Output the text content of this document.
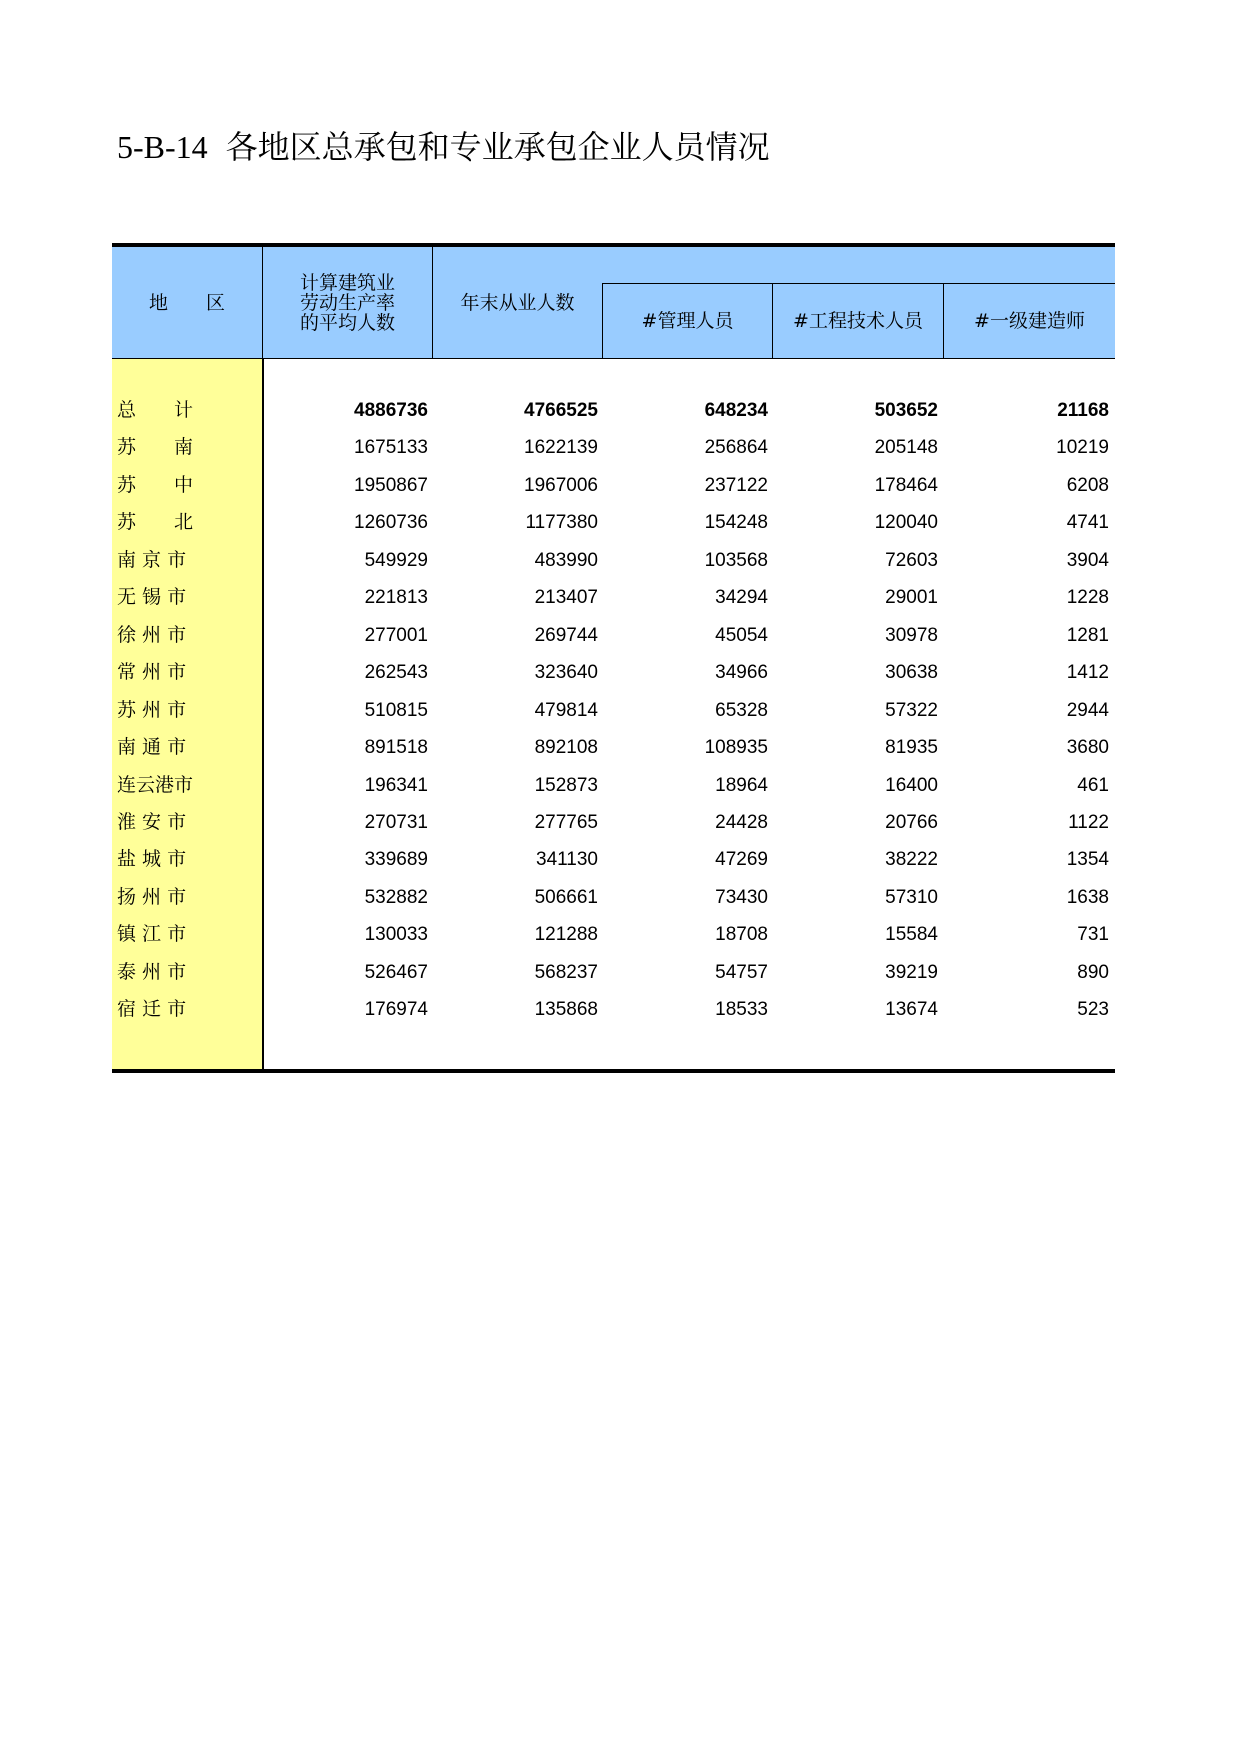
5-B-14 各地区总承包和专业承包企业人员情况
地　　区
计算建筑业
劳动生产率
的平均人数
年末从业人数
#管理人员	#工程技术人员	#一级建造师
总　　计	4886736	4766525	648234	503652	21168
苏　　南	1675133	1622139	256864	205148	10219
苏　　中	1950867	1967006	237122	178464	6208
苏　　北	1260736	1177380	154248	120040	4741
南 京 市	549929	483990	103568	72603	3904
无 锡 市	221813	213407	34294	29001	1228
徐 州 市	277001	269744	45054	30978	1281
常 州 市	262543	323640	34966	30638	1412
苏 州 市	510815	479814	65328	57322	2944
南 通 市	891518	892108	108935	81935	3680
连云港市	196341	152873	18964	16400	461
淮 安 市	270731	277765	24428	20766	1122
盐 城 市	339689	341130	47269	38222	1354
扬 州 市	532882	506661	73430	57310	1638
镇 江 市	130033	121288	18708	15584	731
泰 州 市	526467	568237	54757	39219	890
宿 迁 市	176974	135868	18533	13674	523
